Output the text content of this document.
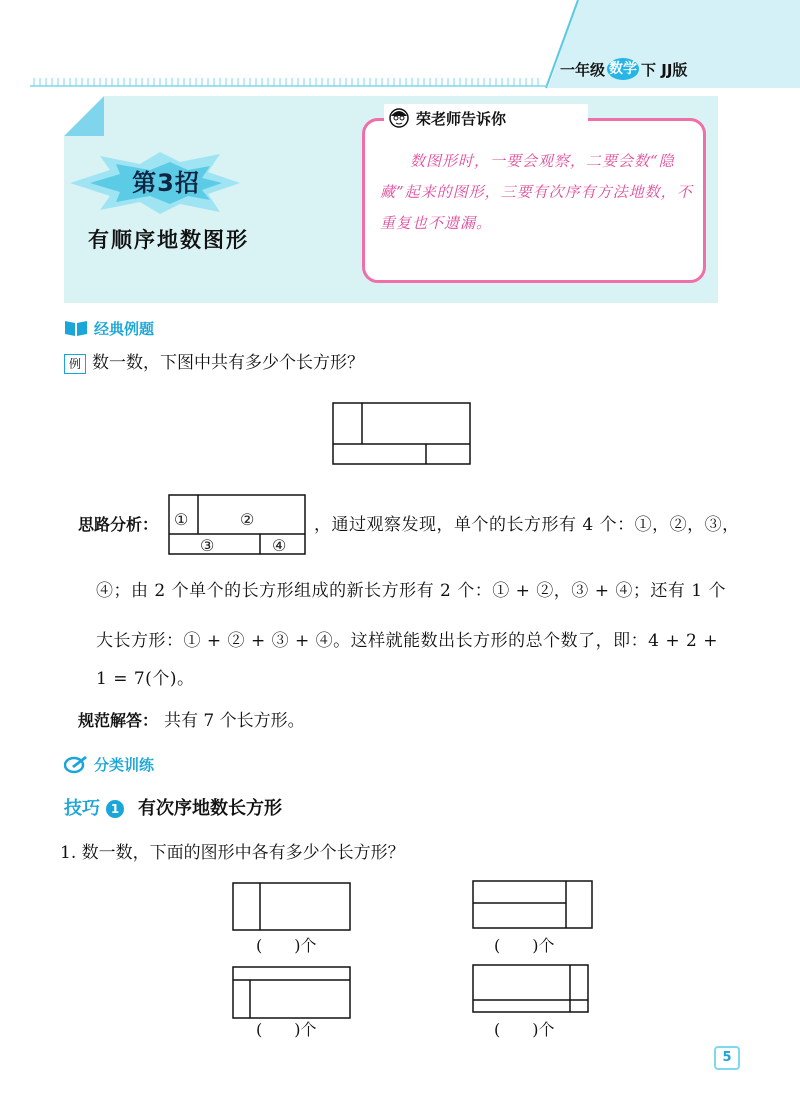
一年级 数学 下 JJ版
第3招
有顺序地数图形
荣老师告诉你
数图形时，一要会观察，二要会数“隐藏”起来的图形，三要有次序有方法地数，不重复也不遗漏。
经典例题
例 数一数，下图中共有多少个长方形？
思路分析： ①	②
③	④
，通过观察发现，单个的长方形有 4 个：①，②，③，
④；由 2 个单个的长方形组成的新长方形有 2 个：① + ②，③ + ④；还有 1 个
大长方形：① + ② + ③ + ④。这样就能数出长方形的总个数了，即：4 + 2 +
1 = 7(个)。
规范解答： 共有 7 个长方形。
分类训练
技巧 1 有次序地数长方形
1. 数一数，下面的图形中各有多少个长方形？
(　　)个	(　　)个
(　　)个	(　　)个
5
